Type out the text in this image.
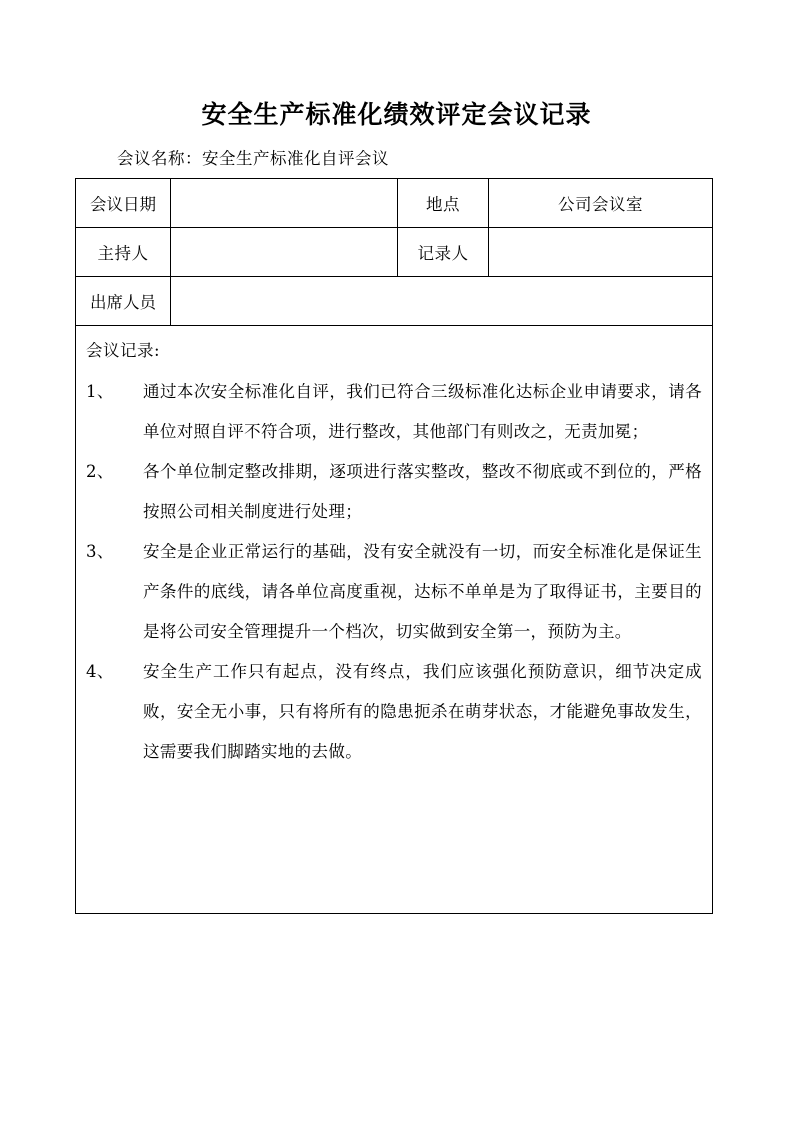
安全生产标准化绩效评定会议记录
会议名称：安全生产标准化自评会议
会议日期		地点	公司会议室
主持人		记录人	
出席人员			

会议记录:
1、	通过本次安全标准化自评，我们已符合三级标准化达标企业申请要求，请各单位对照自评不符合项，进行整改，其他部门有则改之，无责加冕；
2、	各个单位制定整改排期，逐项进行落实整改，整改不彻底或不到位的，严格按照公司相关制度进行处理；
3、	安全是企业正常运行的基础，没有安全就没有一切，而安全标准化是保证生产条件的底线，请各单位高度重视，达标不单单是为了取得证书，主要目的是将公司安全管理提升一个档次，切实做到安全第一，预防为主。
4、	安全生产工作只有起点，没有终点，我们应该强化预防意识，细节决定成败，安全无小事，只有将所有的隐患扼杀在萌芽状态，才能避免事故发生，这需要我们脚踏实地的去做。
